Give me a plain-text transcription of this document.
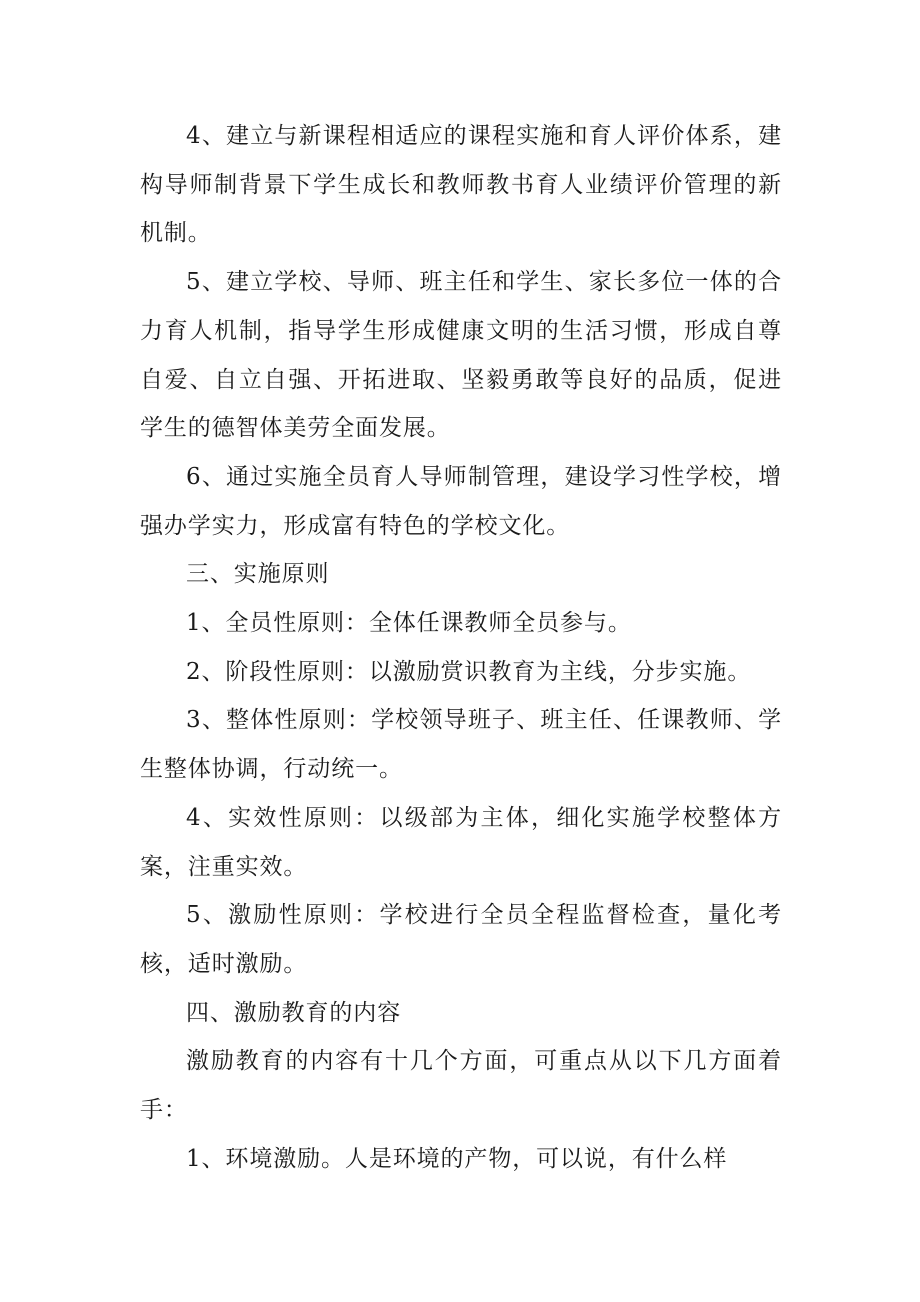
4、建立与新课程相适应的课程实施和育人评价体系，建构导师制背景下学生成长和教师教书育人业绩评价管理的新机制。

5、建立学校、导师、班主任和学生、家长多位一体的合力育人机制，指导学生形成健康文明的生活习惯，形成自尊自爱、自立自强、开拓进取、坚毅勇敢等良好的品质，促进学生的德智体美劳全面发展。

6、通过实施全员育人导师制管理，建设学习性学校，增强办学实力，形成富有特色的学校文化。

三、实施原则

1、全员性原则：全体任课教师全员参与。

2、阶段性原则：以激励赏识教育为主线，分步实施。

3、整体性原则：学校领导班子、班主任、任课教师、学生整体协调，行动统一。

4、实效性原则：以级部为主体，细化实施学校整体方案，注重实效。

5、激励性原则：学校进行全员全程监督检查，量化考核，适时激励。

四、激励教育的内容

激励教育的内容有十几个方面，可重点从以下几方面着手：

1、环境激励。人是环境的产物，可以说，有什么样
